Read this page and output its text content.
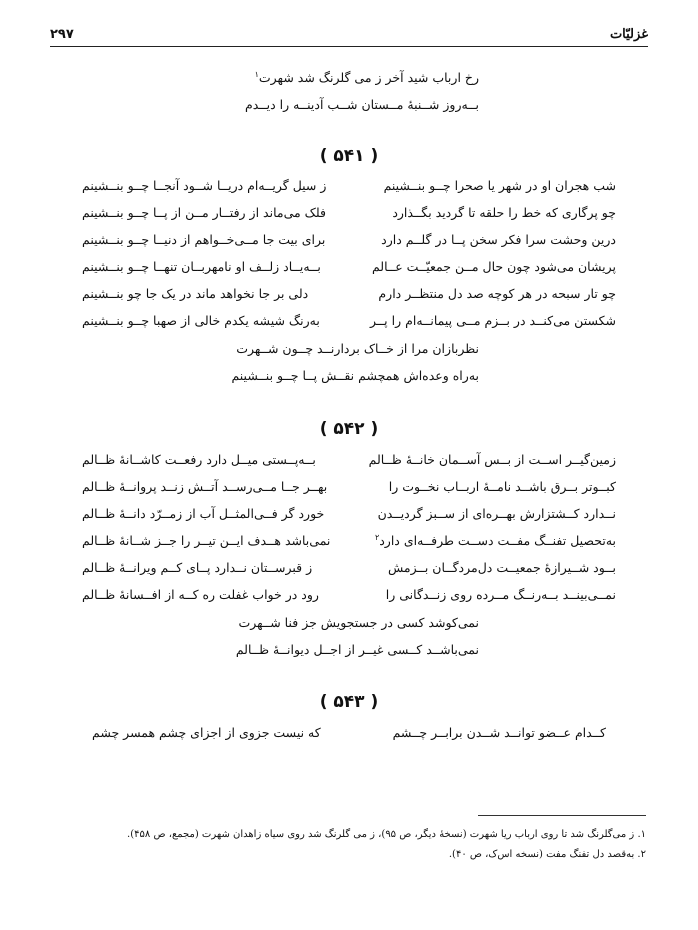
۲۹۷	غزلیّات
رخ ارباب شید آخر ز می گلرنگ شد شهرت$^۱$
بــه‌روز شــنبهٔ مــستان شــب آدینــه را دیــدم
( ۵۴۱ )
شب هجران او در شهر یا صحرا چــو بنــشینم
ز سیل گریــه‌ام دریــا شــود آنجــا چــو بنــشینم
چو پرگاری که خط را حلقه تا گردید بگــذارد
فلک می‌ماند از رفتــار مــن از پــا چــو بنــشینم
درین وحشت سرا فکر سخن پــا در گلــم دارد
برای بیت جا مــی‌خــواهم از دنیــا چــو بنــشینم
پریشان می‌شود چون حال مــن جمعیّــت عــالم
بــه‌یــاد زلــف او نامهربــان تنهــا چــو بنــشینم
چو تار سبحه در هر کوچه صد دل منتظــر دارم
دلی بر جا نخواهد ماند در یک جا چو بنــشینم
شکستن می‌کنــد در بــزم مــی پیمانــه‌ام را پــر
به‌رنگ شیشه یکدم خالی از صهبا چــو بنــشینم
نظربازان مرا از خــاک بردارنــد چــون شــهرت
به‌راه وعده‌اش همچشم نقــش پــا چــو بنــشینم
( ۵۴۲ )
زمین‌گیــر اســت از بــس آســمان خانــهٔ ظــالم
بــه‌پــستی میــل دارد رفعــت کاشــانهٔ ظــالم
کبــوتر بــرق باشــد نامــهٔ اربــاب نخــوت را
بهــر جــا مــی‌رســد آتــش زنــد پروانــهٔ ظــالم
نــدارد کــشتزارش بهــره‌ای از ســبز گردیــدن
خورد گر فــی‌المثــل آب از زمــرّد دانــهٔ ظــالم
به‌تحصیل تفنــگ مفــت دســت طرفــه‌ای دارد$^۲$
نمی‌باشد هــدف ایــن تیــر را جــز شــانهٔ ظــالم
بــود شــیرازهٔ جمعیــت دل‌مردگــان بــزمش
ز قبرســتان نــدارد پــای کــم ویرانــهٔ ظــالم
نمــی‌بینــد بــه‌رنــگ مــرده روی زنــدگانی را
رود در خواب غفلت ره کــه از افــسانهٔ ظــالم
نمی‌کوشد کسی در جستجویش جز فنا شــهرت
نمی‌باشــد کــسی غیــر از اجــل دیوانــهٔ ظــالم
( ۵۴۳ )
کــدام عــضو توانــد شــدن برابــر چــشم
که نیست جزوی از اجزای چشم همسر چشم
۱. ز می‌گلرنگ شد تا روی ارباب ریا شهرت (نسخهٔ دیگر، ص ۹۵)، ز می گلرنگ شد روی سیاه زاهدان شهرت (مجمع، ص ۴۵۸).
۲. به‌قصد دل تفنگ مفت (نسخه اس‌ک، ص ۴۰).
